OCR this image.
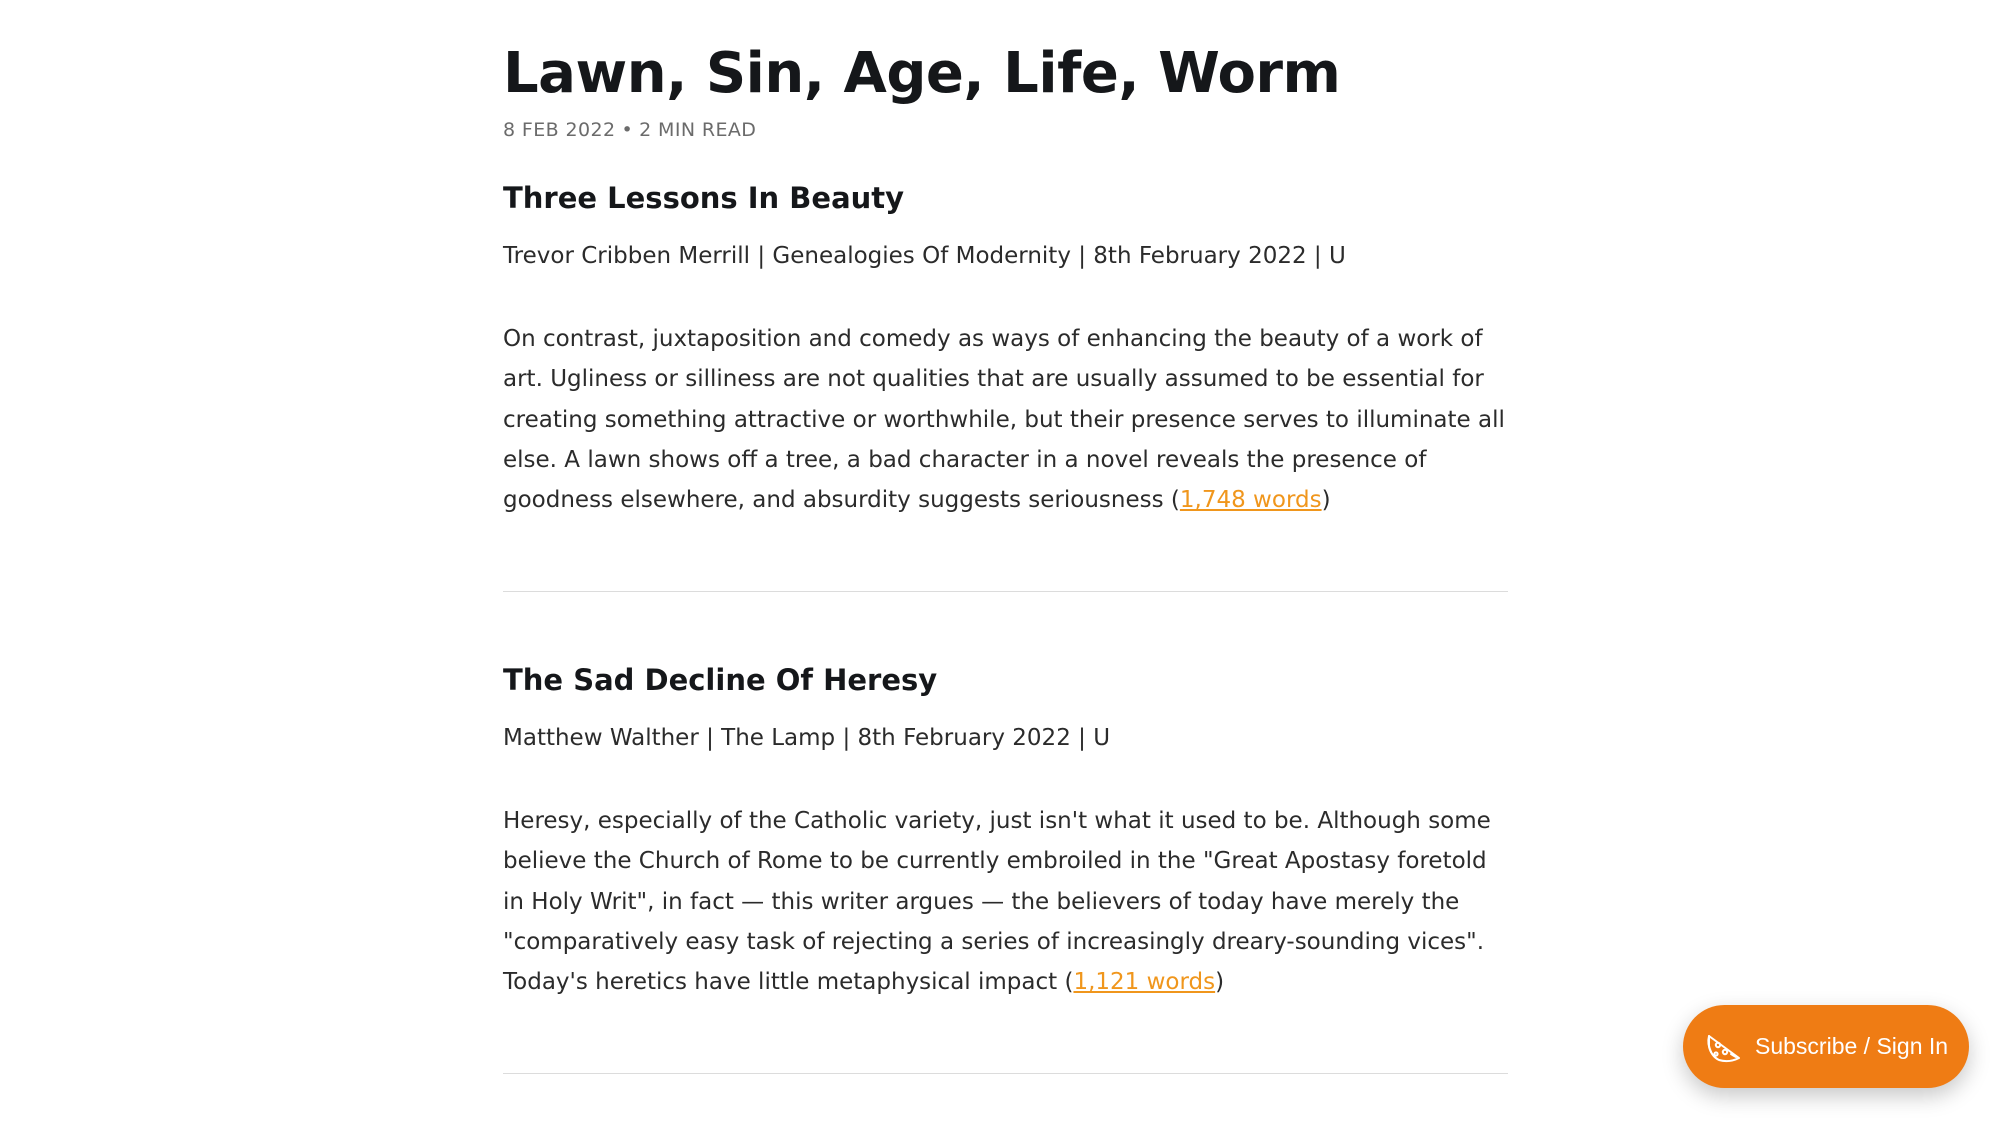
Lawn, Sin, Age, Life, Worm
8 FEB 2022 • 2 MIN READ
Three Lessons In Beauty
Trevor Cribben Merrill | Genealogies Of Modernity | 8th February 2022 | U

On contrast, juxtaposition and comedy as ways of enhancing the beauty of a work of art. Ugliness or silliness are not qualities that are usually assumed to be essential for creating something attractive or worthwhile, but their presence serves to illuminate all else. A lawn shows off a tree, a bad character in a novel reveals the presence of goodness elsewhere, and absurdity suggests seriousness (1,748 words)

The Sad Decline Of Heresy
Matthew Walther | The Lamp | 8th February 2022 | U

Heresy, especially of the Catholic variety, just isn't what it used to be. Although some believe the Church of Rome to be currently embroiled in the "Great Apostasy foretold in Holy Writ", in fact — this writer argues — the believers of today have merely the "comparatively easy task of rejecting a series of increasingly dreary-sounding vices". Today's heretics have little metaphysical impact (1,121 words)

Subscribe / Sign In
